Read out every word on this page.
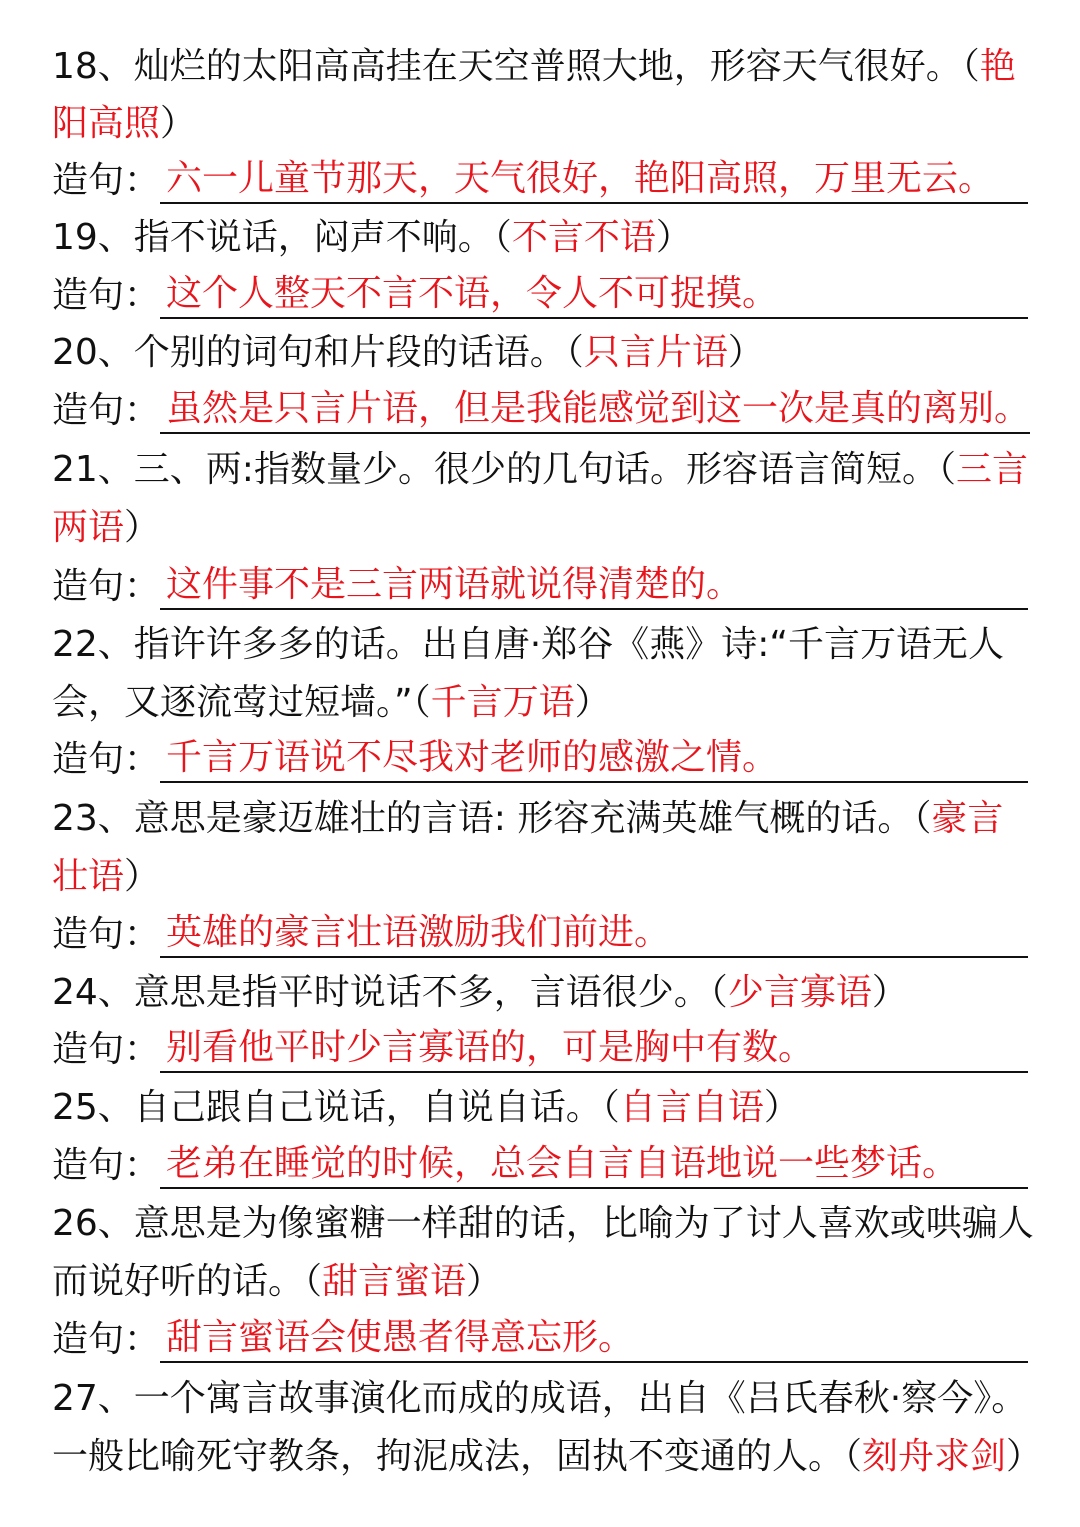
18、灿烂的太阳高高挂在天空普照大地，形容天气很好。（艳
阳高照）
造句： 六一儿童节那天，天气很好，艳阳高照，万里无云。
19、指不说话，闷声不响。（不言不语）
造句： 这个人整天不言不语，令人不可捉摸。
20、个别的词句和片段的话语。（只言片语）
造句： 虽然是只言片语，但是我能感觉到这一次是真的离别。
21、三、两:指数量少。很少的几句话。形容语言简短。（三言
两语）
造句： 这件事不是三言两语就说得清楚的。
22、指许许多多的话。出自唐·郑谷《燕》诗:“千言万语无人
会，又逐流莺过短墙。”（千言万语）
造句： 千言万语说不尽我对老师的感激之情。
23、意思是豪迈雄壮的言语: 形容充满英雄气概的话。（豪言
壮语）
造句： 英雄的豪言壮语激励我们前进。
24、意思是指平时说话不多，言语很少。（少言寡语）
造句： 别看他平时少言寡语的，可是胸中有数。
25、自己跟自己说话，自说自话。（自言自语）
造句： 老弟在睡觉的时候，总会自言自语地说一些梦话。
26、意思是为像蜜糖一样甜的话，比喻为了讨人喜欢或哄骗人
而说好听的话。（甜言蜜语）
造句： 甜言蜜语会使愚者得意忘形。
27、一个寓言故事演化而成的成语，出自《吕氏春秋·察今》。
一般比喻死守教条，拘泥成法，固执不变通的人。（刻舟求剑）
